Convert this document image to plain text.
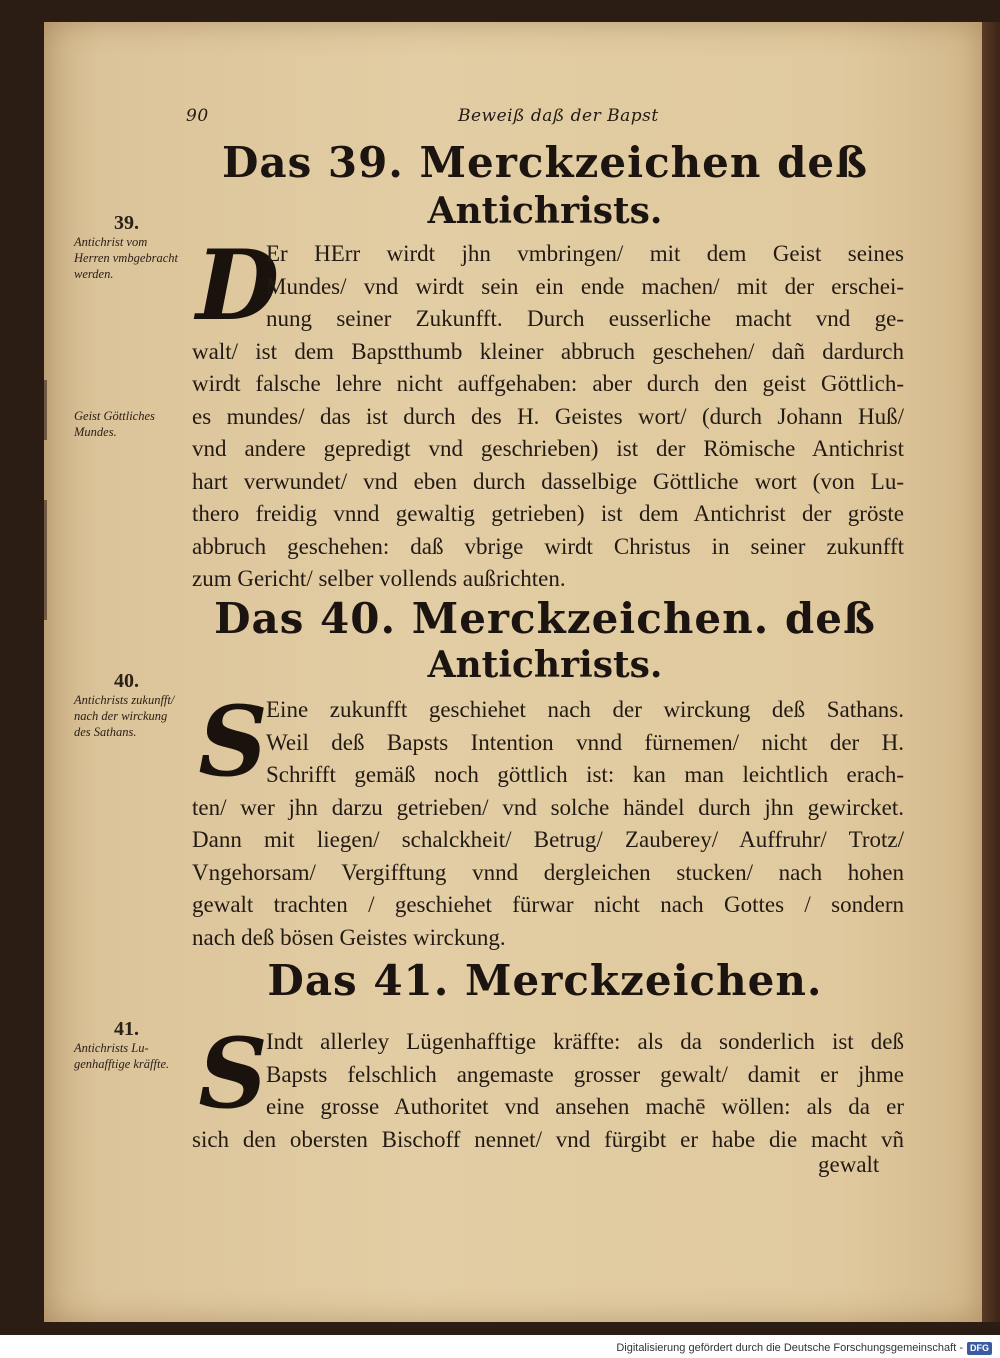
90	Beweiß daß der Bapst
Das 39. Merckzeichen deß
Antichrists.
39.
Antichrist vom Herren vmbgebracht werden.
Geist Göttliches Mundes.
D
Er HErr wirdt jhn vmbringen/ mit dem Geist seines
Mundes/ vnd wirdt sein ein ende machen/ mit der erschei-
nung seiner Zukunfft. Durch eusserliche macht vnd ge-
walt/ ist dem Bapstthumb kleiner abbruch geschehen/ dañ dardurch
wirdt falsche lehre nicht auffgehaben: aber durch den geist Göttlich-
es mundes/ das ist durch des H. Geistes wort/ (durch Johann Huß/
vnd andere gepredigt vnd geschrieben) ist der Römische Antichrist
hart verwundet/ vnd eben durch dasselbige Göttliche wort (von Lu-
thero freidig vnnd gewaltig getrieben) ist dem Antichrist der gröste
abbruch geschehen: daß vbrige wirdt Christus in seiner zukunfft
zum Gericht/ selber vollends außrichten.
Das 40. Merckzeichen. deß
Antichrists.
40.
Antichrists zukunfft/ nach der wirckung des Sathans. S
Eine zukunfft geschiehet nach der wirckung deß Sathans.
Weil deß Bapsts Intention vnnd fürnemen/ nicht der H.
Schrifft gemäß noch göttlich ist: kan man leichtlich erach-
ten/ wer jhn darzu getrieben/ vnd solche händel durch jhn gewircket.
Dann mit liegen/ schalckheit/ Betrug/ Zauberey/ Auffruhr/ Trotz/
Vngehorsam/ Vergifftung vnnd dergleichen stucken/ nach hohen
gewalt trachten / geschiehet fürwar nicht nach Gottes / sondern
nach deß bösen Geistes wirckung.
Das 41. Merckzeichen.
41.
Antichrists Lugenhafftige kräffte. S
Indt allerley Lügenhafftige kräffte: als da sonderlich ist deß
Bapsts felschlich angemaste grosser gewalt/ damit er jhme
eine grosse Authoritet vnd ansehen machē wöllen: als da er
sich den obersten Bischoff nennet/ vnd fürgibt er habe die macht vñ
gewalt
Digitalisierung gefördert durch die Deutsche Forschungsgemeinschaft - DFG
